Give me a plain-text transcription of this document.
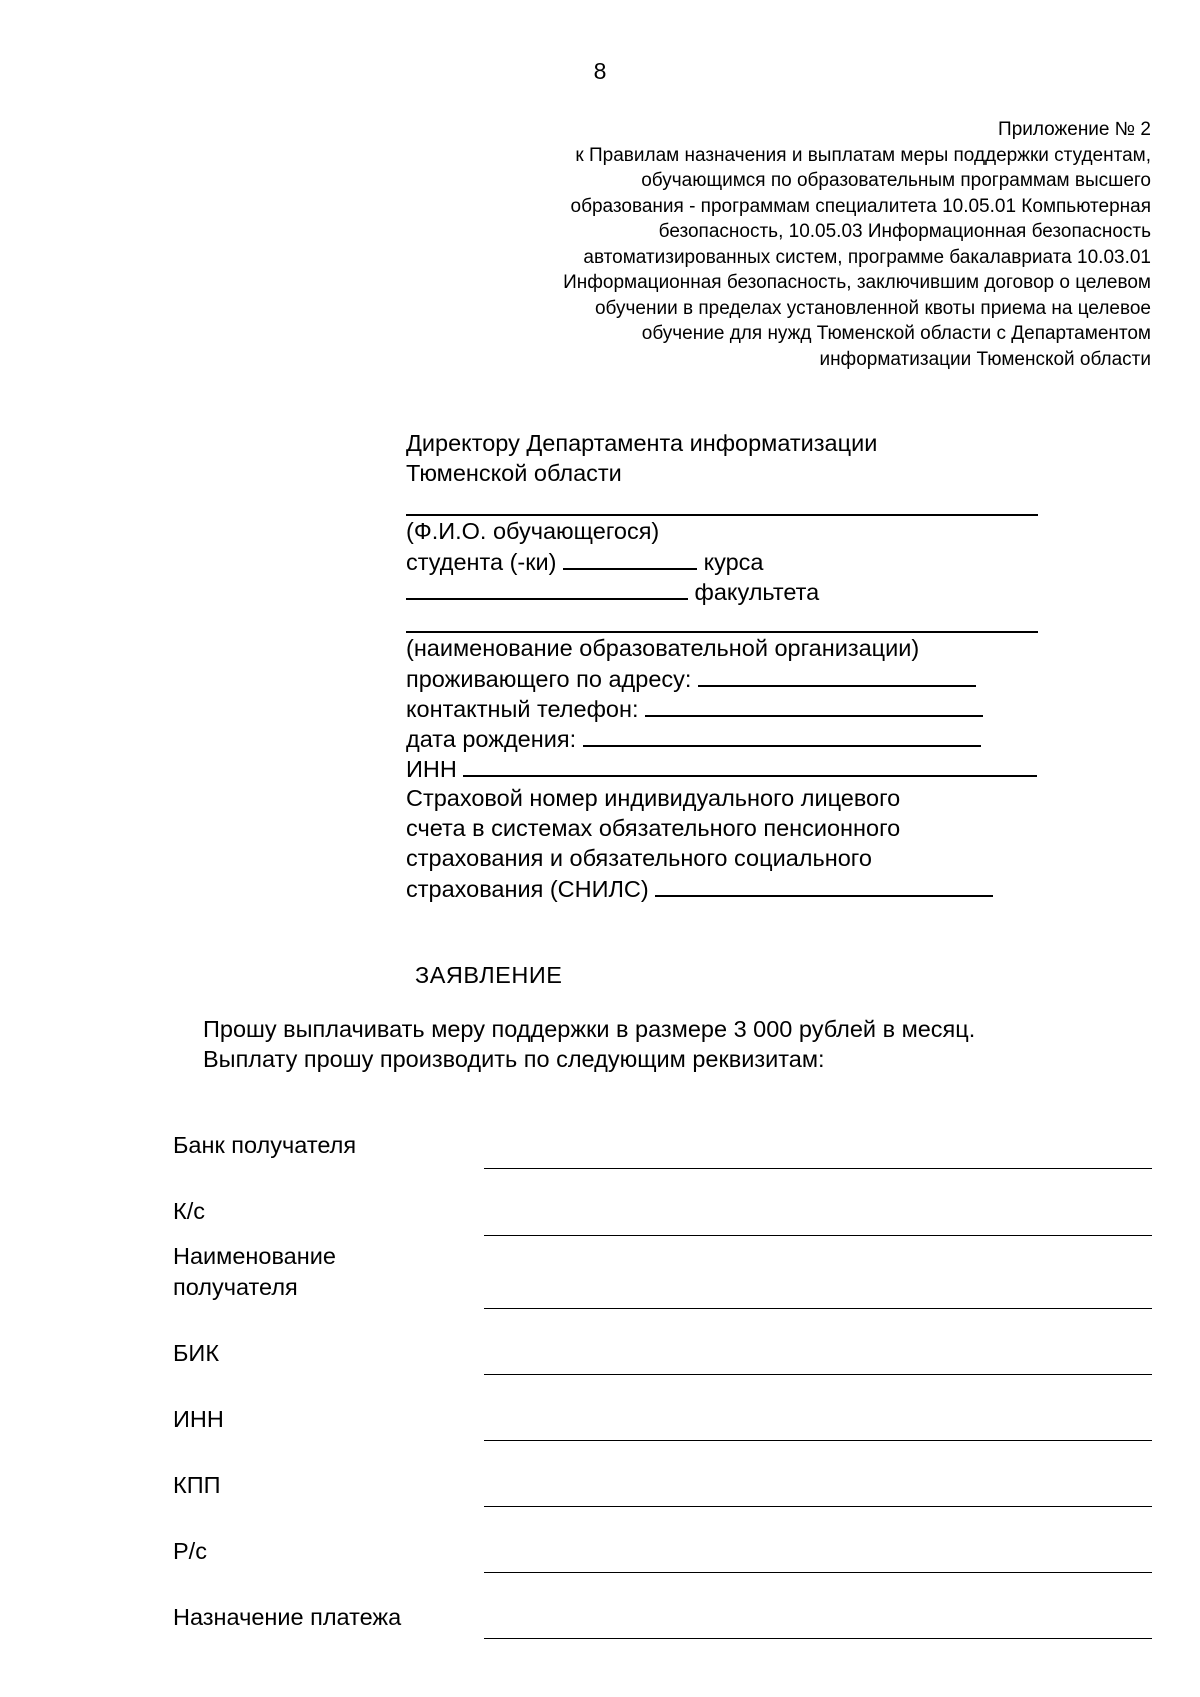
8
Приложение № 2
к Правилам назначения и выплатам меры поддержки студентам,
обучающимся по образовательным программам высшего
образования - программам специалитета 10.05.01 Компьютерная
безопасность, 10.05.03 Информационная безопасность
автоматизированных систем, программе бакалавриата 10.03.01
Информационная безопасность, заключившим договор о целевом
обучении в пределах установленной квоты приема на целевое
обучение для нужд Тюменской области с Департаментом
информатизации Тюменской области
Директору Департамента информатизации
Тюменской области
(Ф.И.О. обучающегося)
студента (-ки)	курса
факультета
(наименование образовательной организации)
проживающего по адресу:
контактный телефон:
дата рождения:
ИНН
Страховой номер индивидуального лицевого
счета в системах обязательного пенсионного
страхования и обязательного социального
страхования (СНИЛС)
ЗАЯВЛЕНИЕ
Прошу выплачивать меру поддержки в размере 3 000 рублей в месяц.
Выплату прошу производить по следующим реквизитам:
Банк получателя
К/с
Наименование
получателя
БИК
ИНН
КПП
Р/с
Назначение платежа
